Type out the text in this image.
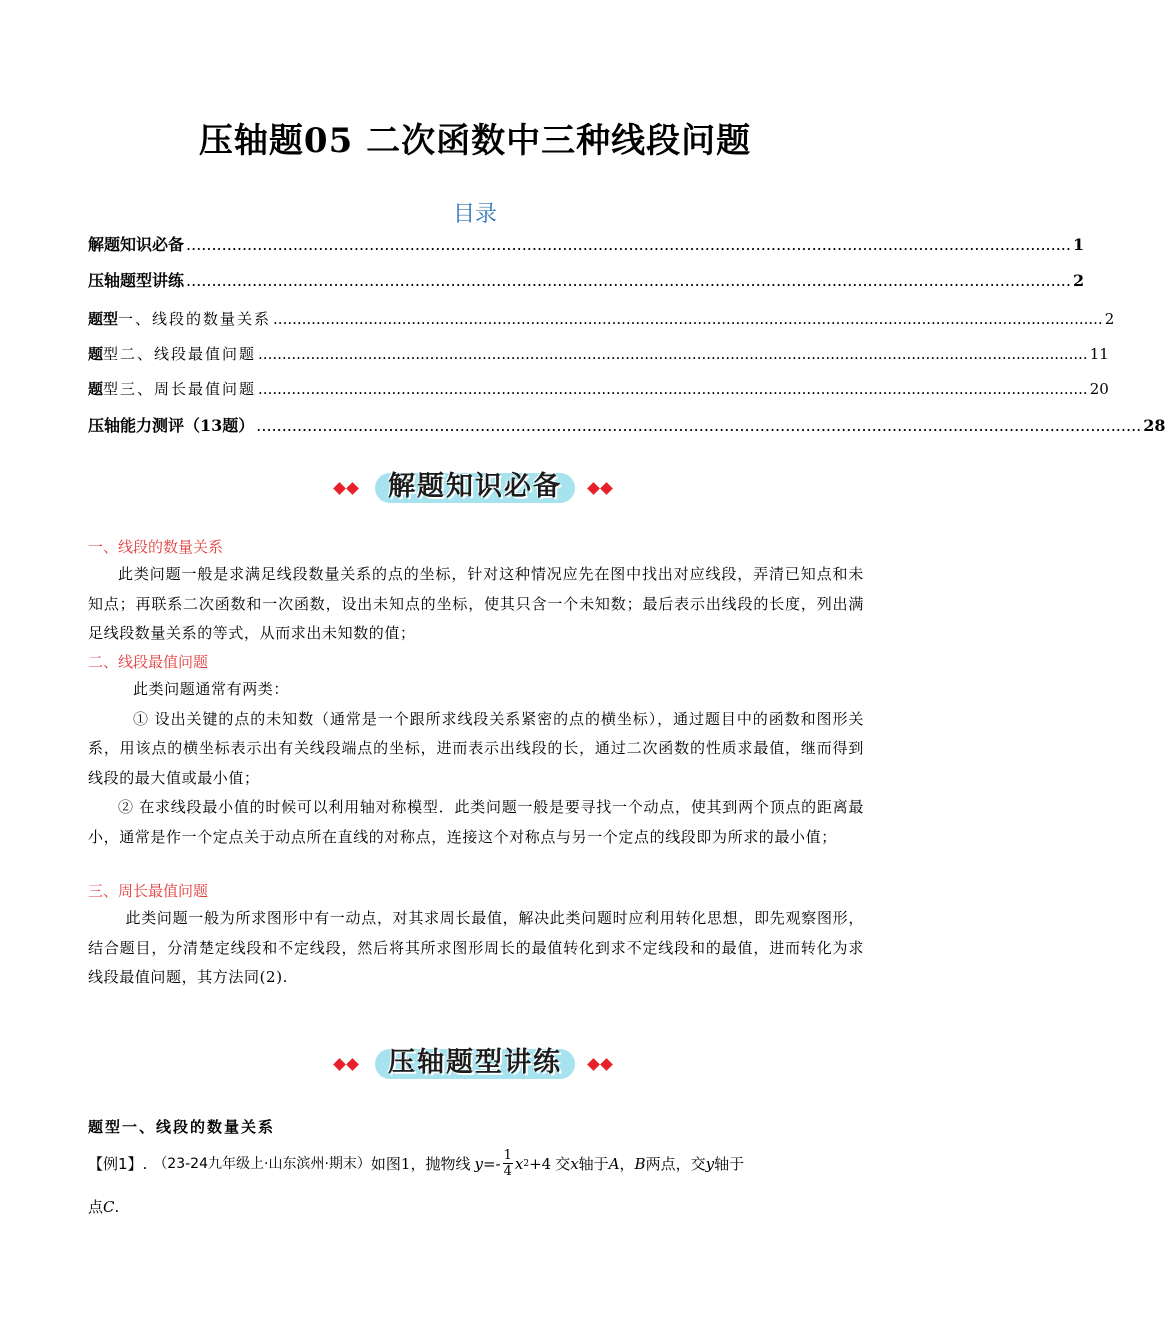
压轴题05 二次函数中三种线段问题
目录
解题知识必备 .............................................................................................................................................................................. 1
压轴题型讲练 .............................................................................................................................................................................. 2
题型一、线段的数量关系 .............................................................................................................................................................................. 2
题型二、线段最值问题 .............................................................................................................................................................................. 11
题型三、周长最值问题 .............................................................................................................................................................................. 20
压轴能力测评（13题） .............................................................................................................................................................................. 28
解题知识必备
一、线段的数量关系

此类问题一般是求满足线段数量关系的点的坐标，针对这种情况应先在图中找出对应线段，弄清已知点和未知点；再联系二次函数和一次函数，设出未知点的坐标，使其只含一个未知数；最后表示出线段的长度，列出满足线段数量关系的等式，从而求出未知数的值；

二、线段最值问题

此类问题通常有两类：

① 设出关键的点的未知数（通常是一个跟所求线段关系紧密的点的横坐标），通过题目中的函数和图形关系，用该点的横坐标表示出有关线段端点的坐标，进而表示出线段的长，通过二次函数的性质求最值，继而得到线段的最大值或最小值；

② 在求线段最小值的时候可以利用轴对称模型．此类问题一般是要寻找一个动点，使其到两个顶点的距离最小，通常是作一个定点关于动点所在直线的对称点，连接这个对称点与另一个定点的线段即为所求的最小值；

三、周长最值问题

此类问题一般为所求图形中有一动点，对其求周长最值，解决此类问题时应利用转化思想，即先观察图形，结合题目，分清楚定线段和不定线段，然后将其所求图形周长的最值转化到求不定线段和的最值，进而转化为求线段最值问题，其方法同(2).

压轴题型讲练
题型一、线段的数量关系
【例1】. （23-24九年级上·山东滨州·期末） 如图1，抛物线 $y =- \frac{1}{4}$ x 2 +4 交 x 轴于 A ， B 两点，交 y 轴于
点C.
